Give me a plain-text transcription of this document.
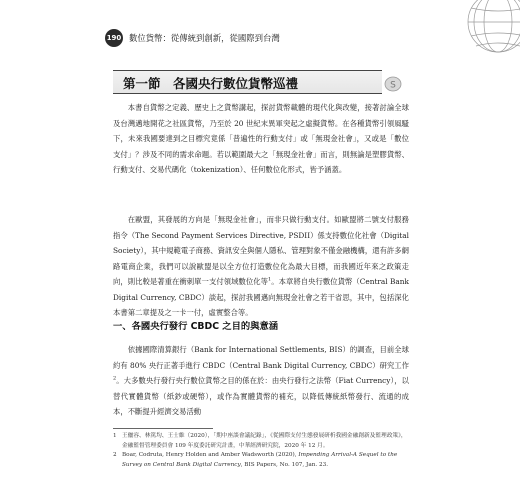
190 數位貨幣：從傳統到創新，從國際到台灣
第一節　各國央行數位貨幣巡禮	S

本書自貨幣之定義、歷史上之貨幣講起，探討貨幣載體的現代化與改變，接著討論全球及台灣邁地開花之社區貨幣，乃至於 20 世紀末異軍突起之虛擬貨幣。在各種貨幣引領風騷下，未來我國要達到之目標究竟係「普遍性的行動支付」或「無現金社會」，又或是「數位支付」？涉及不同的需求命題。若以範圍最大之「無現金社會」而言，則無論是塑膠貨幣、行動支付、交易代碼化（tokenization）、任何數位化形式，皆予涵蓋。

在歐盟，其發展的方向是「無現金社會」，而非只做行動支付。如歐盟將二號支付服務指令（The Second Payment Services Directive, PSDII）係支持數位化社會（Digital Society），其中規範電子商務、資訊安全與個人隱私、管理對象不僅金融機構，還有許多網路電商企業，我們可以說歐盟是以全方位打造數位化為最大目標，而我國近年來之政策走向，則比較是著重在衝刺單一支付領域數位化等$^1$。本章將自央行數位貨幣（Central Bank Digital Currency, CBDC）談起，探討我國邁向無現金社會之若干省思，其中，包括深化本書第二章提及之一卡一付，虛實整合等。

一、各國央行發行 CBDC 之目的與意涵

依據國際清算銀行（Bank for International Settlements, BIS）的調查，目前全球約有 80% 央行正著手進行 CBDC（Central Bank Digital Currency, CBDC）研究工作$^2$。大多數央行發行央行數位貨幣之目的係在於：由央行發行之法幣（Fiat Currency），以替代實體貨幣（紙鈔或硬幣），或作為實體貨幣的補充，以降低傳統紙幣發行、流通的成本，不斷提升經濟交易活動

1 王儷容、林篤均、王士維（2020），「期中座談會議紀錄」，《從國際支付生態發展研析我國金融創新及監理政策》，金融監督管理委員會 109 年度委託研究計畫，中華經濟研究院，2020 年 12 月。

2 Boar, Codruta, Henry Holden and Amber Wadsworth (2020), Impending Arrival-A Sequel to the Survey on Central Bank Digital Currency, BIS Papers, No. 107, Jan. 23.
